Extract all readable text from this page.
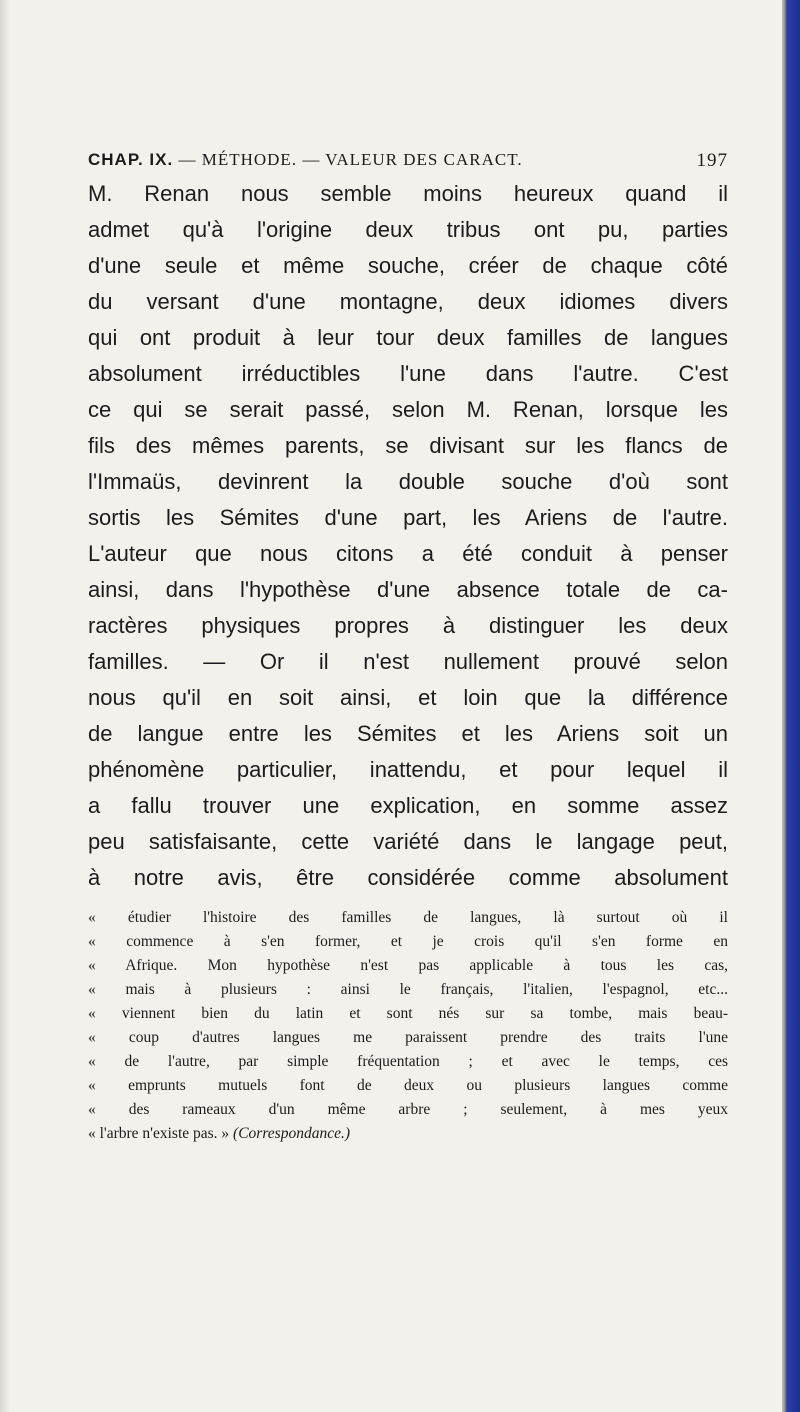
CHAP. IX. — MÉTHODE. — VALEUR DES CARACT.	197
M. Renan nous semble moins heureux quand il
admet qu'à l'origine deux tribus ont pu, parties
d'une seule et même souche, créer de chaque côté
du versant d'une montagne, deux idiomes divers
qui ont produit à leur tour deux familles de langues
absolument irréductibles l'une dans l'autre. C'est
ce qui se serait passé, selon M. Renan, lorsque les
fils des mêmes parents, se divisant sur les flancs de
l'Immaüs, devinrent la double souche d'où sont
sortis les Sémites d'une part, les Ariens de l'autre.
L'auteur que nous citons a été conduit à penser
ainsi, dans l'hypothèse d'une absence totale de ca-
ractères physiques propres à distinguer les deux
familles. — Or il n'est nullement prouvé selon
nous qu'il en soit ainsi, et loin que la différence
de langue entre les Sémites et les Ariens soit un
phénomène particulier, inattendu, et pour lequel il
a fallu trouver une explication, en somme assez
peu satisfaisante, cette variété dans le langage peut,
à notre avis, être considérée comme absolument
« étudier l'histoire des familles de langues, là surtout où il
« commence à s'en former, et je crois qu'il s'en forme en
« Afrique. Mon hypothèse n'est pas applicable à tous les cas,
« mais à plusieurs : ainsi le français, l'italien, l'espagnol, etc...
« viennent bien du latin et sont nés sur sa tombe, mais beau-
« coup d'autres langues me paraissent prendre des traits l'une
« de l'autre, par simple fréquentation ; et avec le temps, ces
« emprunts mutuels font de deux ou plusieurs langues comme
« des rameaux d'un même arbre ; seulement, à mes yeux
« l'arbre n'existe pas. » (Correspondance.)
